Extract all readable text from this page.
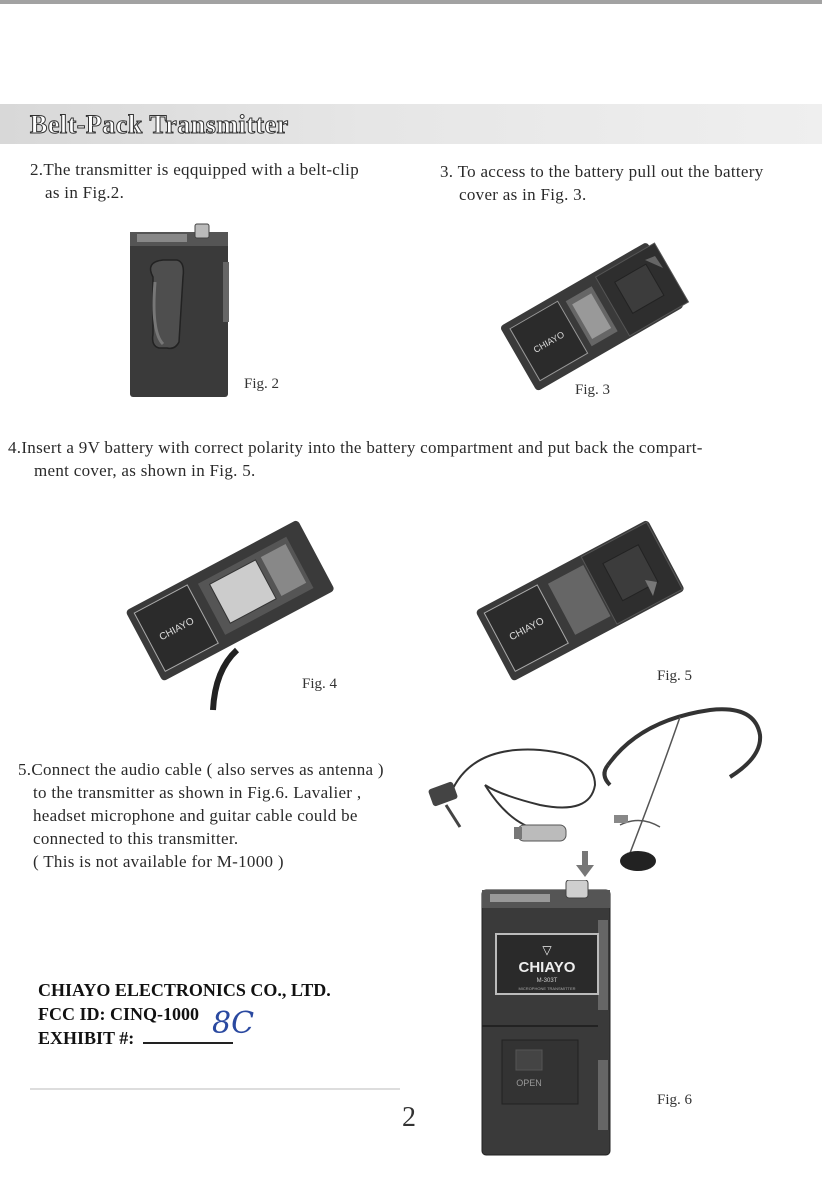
Belt-Pack Transmitter
2.The transmitter is eqquipped with a belt-clip
as in Fig.2.
3. To access to the battery pull out the battery
cover as in Fig. 3.
Fig. 2
CHIAYO
Fig. 3
4.Insert a 9V battery with correct polarity into the battery compartment and put back the compart-
ment cover, as shown in Fig. 5.
CHIAYO
Fig. 4
CHIAYO
Fig. 5
5.Connect the audio cable ( also serves as antenna )
to the transmitter as shown in Fig.6. Lavalier ,
headset microphone and guitar cable could be
connected to this transmitter.
( This is not available for M-1000 )
▽
CHIAYO
M-303T
MICROPHONE TRANSMITTER
OPEN
Fig. 6
CHIAYO ELECTRONICS CO., LTD.
FCC ID: CINQ-1000
EXHIBIT #:	8C
2
